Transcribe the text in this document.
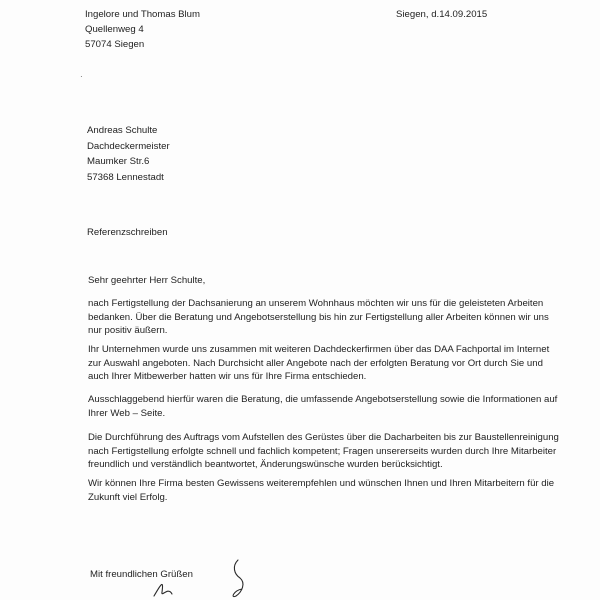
Ingelore und Thomas Blum
Quellenweg 4
57074 Siegen
Siegen, d.14.09.2015
·
Andreas Schulte
Dachdeckermeister
Maumker Str.6
57368 Lennestadt
Referenzschreiben
Sehr geehrter Herr Schulte,
nach Fertigstellung der Dachsanierung an unserem Wohnhaus möchten wir uns für die geleisteten Arbeiten
bedanken. Über die Beratung und Angebotserstellung bis hin zur Fertigstellung aller Arbeiten können wir uns
nur positiv äußern.
Ihr Unternehmen wurde uns zusammen mit weiteren Dachdeckerfirmen über das DAA Fachportal im Internet
zur Auswahl angeboten. Nach Durchsicht aller Angebote nach der erfolgten Beratung vor Ort durch Sie und
auch Ihrer Mitbewerber hatten wir uns für Ihre Firma entschieden.
Ausschlaggebend hierfür waren die Beratung, die umfassende Angebotserstellung sowie die Informationen auf
Ihrer Web – Seite.
Die Durchführung des Auftrags vom Aufstellen des Gerüstes über die Dacharbeiten bis zur Baustellenreinigung
nach Fertigstellung erfolgte schnell und fachlich kompetent; Fragen unsererseits wurden durch Ihre Mitarbeiter
freundlich und verständlich beantwortet, Änderungswünsche wurden berücksichtigt.
Wir können Ihre Firma besten Gewissens weiterempfehlen und wünschen Ihnen und Ihren Mitarbeitern für die
Zukunft viel Erfolg.
Mit freundlichen Grüßen
